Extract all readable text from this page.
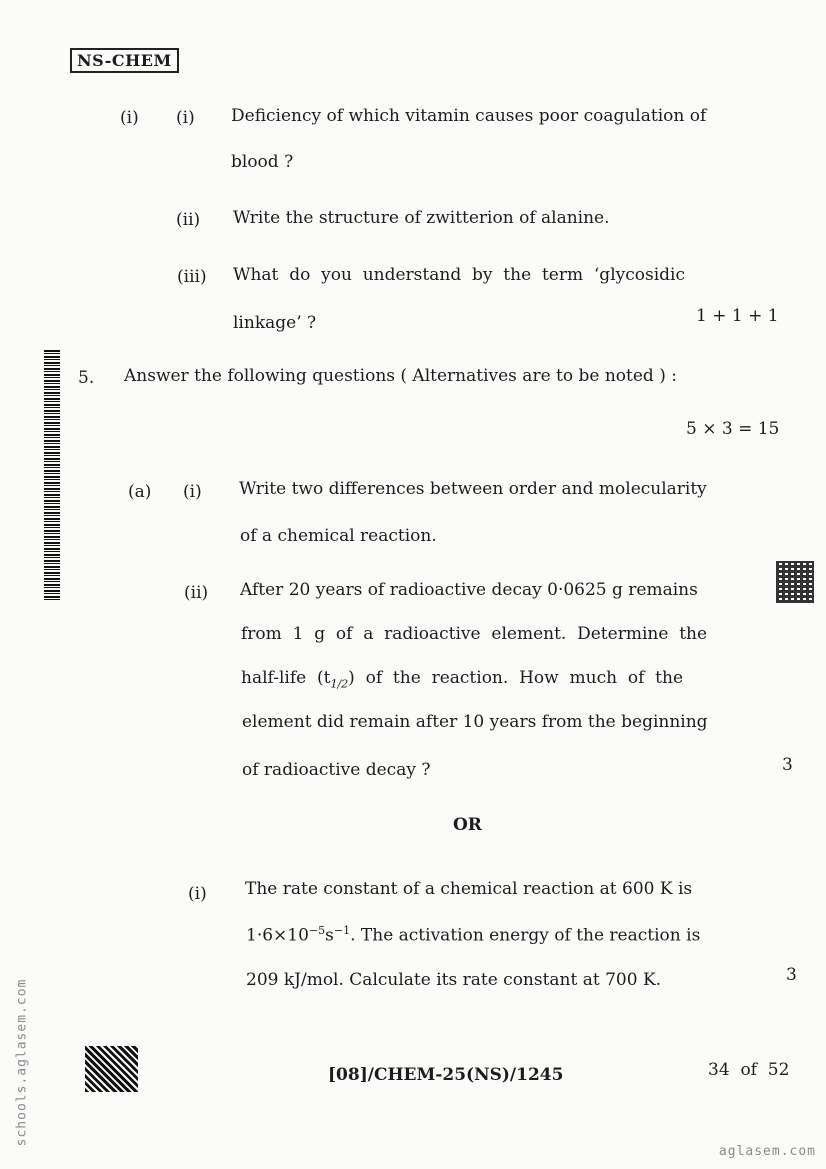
NS-CHEM
(i) (i) Deficiency of which vitamin causes poor coagulation of
blood ?
(ii) Write the structure of zwitterion of alanine.
(iii) What  do  you  understand  by  the  term  ‘glycosidic
linkage’ ?	1 + 1 + 1
5. Answer the following questions ( Alternatives are to be noted ) :
5 × 3 = 15
(a) (i) Write two differences between order and molecularity
of a chemical reaction.
(ii) After 20 years of radioactive decay 0·0625 g remains
from  1  g  of  a  radioactive  element.  Determine  the
half-life  $(t_{1/2})$  of  the  reaction.  How  much  of  the
element did remain after 10 years from the beginning
of radioactive decay ?	3
OR
(i) The rate constant of a chemical reaction at 600 K is
$1\cdot 6\times 10^{-5}s^{-1}$. The activation energy of the reaction is
209 kJ/mol. Calculate its rate constant at 700 K.	3
[08]/CHEM-25(NS)/1245	34  of  52
schools.aglasem.com
aglasem.com
